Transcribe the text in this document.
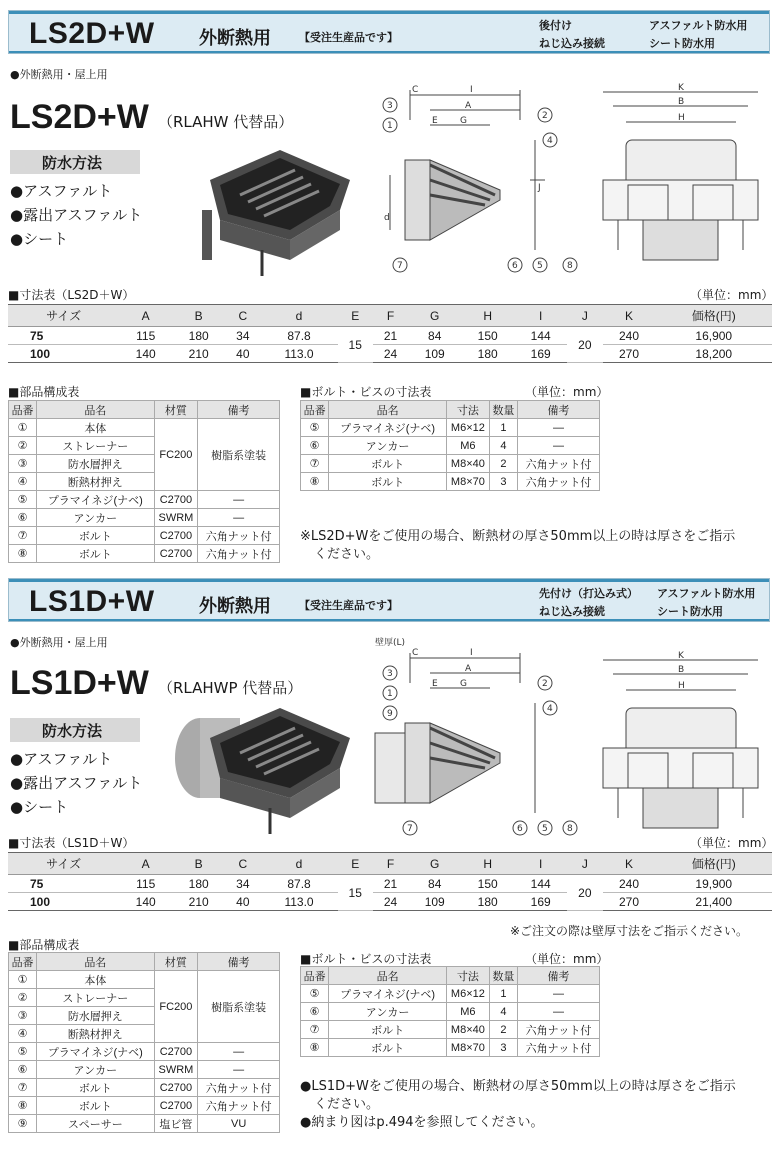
LS2D+W 外断熱用	【受注生産品です】
後付け
ねじ込み接続
アスファルト防水用
シート防水用
●外断熱用・屋上用
LS2D+W （RLAHW 代替品）
防水方法
●アスファルト
●露出アスファルト
●シート
3
1
2
4
7	6 5	8
C	I
A
E G
J
d
K
B
H
■寸法表（LS2D＋W）	（単位：mm）
サイズ	A	B	C	d	E	F	G	H	I	J	K	価格(円)
75	115	180	34	87.8	15	21	84	150	144	20	240	16,900
100	140	210	40	113.0		24	109	180	169		270	18,200
■部品構成表
品番	品名	材質	備考
①	本体	FC200	樹脂系塗装
②	ストレーナー		
③	防水層押え		
④	断熱材押え		
⑤	プラマイネジ(ナベ)	C2700	—
⑥	アンカー	SWRM	—
⑦	ボルト	C2700	六角ナット付
⑧	ボルト	C2700	六角ナット付
■ボルト・ビスの寸法表	（単位：mm）
品番	品名	寸法	数量	備考
⑤	プラマイネジ(ナベ)	M6×12	1	—
⑥	アンカー	M6	4	—
⑦	ボルト	M8×40	2	六角ナット付
⑧	ボルト	M8×70	3	六角ナット付
※LS2D+Wをご使用の場合、断熱材の厚さ50mm以上の時は厚さをご指示
ください。
LS1D+W 外断熱用	【受注生産品です】
先付け（打込み式）
ねじ込み接続
アスファルト防水用
シート防水用
●外断熱用・屋上用
LS1D+W （RLAHWP 代替品）
防水方法
●アスファルト
●露出アスファルト
●シート
3
1
9
2
4
7	6 5 8
壁厚(L)
C	I
A
E G
K
B
H
■寸法表（LS1D＋W）	（単位：mm）
サイズ	A	B	C	d	E	F	G	H	I	J	K	価格(円)
75	115	180	34	87.8	15	21	84	150	144	20	240	19,900
100	140	210	40	113.0		24	109	180	169		270	21,400
※ご注文の際は壁厚寸法をご指示ください。
■部品構成表
品番	品名	材質	備考
①	本体	FC200	樹脂系塗装
②	ストレーナー		
③	防水層押え		
④	断熱材押え		
⑤	プラマイネジ(ナベ)	C2700	—
⑥	アンカー	SWRM	—
⑦	ボルト	C2700	六角ナット付
⑧	ボルト	C2700	六角ナット付
⑨	スペーサー	塩ビ管	VU
■ボルト・ビスの寸法表	（単位：mm）
品番	品名	寸法	数量	備考
⑤	プラマイネジ(ナベ)	M6×12	1	—
⑥	アンカー	M6	4	—
⑦	ボルト	M8×40	2	六角ナット付
⑧	ボルト	M8×70	3	六角ナット付
●LS1D+Wをご使用の場合、断熱材の厚さ50mm以上の時は厚さをご指示
ください。
●納まり図はp.494を参照してください。
